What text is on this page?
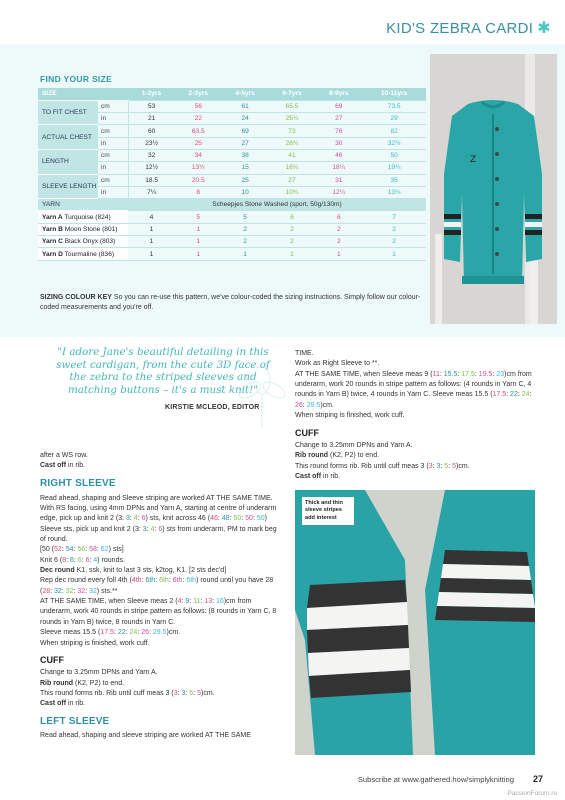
KID'S ZEBRA CARDI ✱
FIND YOUR SIZE
SIZE		1-2yrs	2-3yrs	4-5yrs	6-7yrs	8-9yrs	10-11yrs
TO FIT CHEST	cm	53	56	61	65.5	69	73.5
	in	21	22	24	25¾	27	29
ACTUAL CHEST	cm	60	63.5	69	73	76	82
	in	23½	25	27	28¾	30	32½
LENGTH	cm	32	34	38	41	46	50
	in	12½	13½	15	16¼	18¼	19¾
SLEEVE LENGTH	cm	18.5	20.5	25	27	31	35
	in	7¼	8	10	10¾	12¼	13¾
YARN		Scheepjes Stone Washed (sport, 50g/130m)					
Yarn A Turquoise (824)		4	5	5	6	6	7
Yarn B Moon Stone (801)		1	1	2	2	2	2
Yarn C Black Onyx (803)		1	1	2	2	2	2
Yarn D Tourmaline (836)		1	1	1	1	1	1
SIZING COLOUR KEY So you can re-use this pattern, we've colour-coded the sizing instructions. Simply follow our colour-coded measurements and you're off.
Z
"I adore Jane's beautiful detailing in this sweet cardigan, from the cute 3D face of the zebra to the striped sleeves and matching buttons – it's a must knit!"
KIRSTIE MCLEOD, EDITOR

after a WS row.

Cast off in rib.

RIGHT SLEEVE

Read ahead, shaping and Sleeve striping are worked AT THE SAME TIME.

With RS facing, using 4mm DPNs and Yarn A, starting at centre of underarm edge, pick up and knit 2 (3: 3: 4: 6) sts, knit across 46 (46: 48: 50: 50: 50) Sleeve sts, pick up and knit 2 (3: 3: 4: 6) sts from underarm, PM to mark beg of round.

[50 (52: 54: 56: 58: 62) sts]

Knit 6 (8: 6: 6: 6: 4) rounds.

Dec round K1, ssk, knit to last 3 sts, k2tog, K1. [2 sts dec'd]

Rep dec round every foll 4th (4th: 6th: 6th: 6th: 6th) round until you have 28 (28: 32: 32: 32: 32) sts.**

AT THE SAME TIME, when Sleeve meas 2 (4: 9: 11: 13: 16)cm from underarm, work 40 rounds in stripe pattern as follows: (8 rounds in Yarn C, 8 rounds in Yarn B) twice, 8 rounds in Yarn C.

Sleeve meas 15.5 (17.5: 22: 24: 26: 29.5)cm.

When striping is finished, work cuff.

CUFF

Change to 3.25mm DPNs and Yarn A.

Rib round (K2, P2) to end.

This round forms rib. Rib until cuff meas 3 (3: 3: 5: 5)cm.

Cast off in rib.

LEFT SLEEVE

Read ahead, shaping and sleeve striping are worked AT THE SAME

TIME.

Work as Right Sleeve to **.

AT THE SAME TIME, when Sleeve meas 9 (11: 15.5: 17.5: 19.5: 23)cm from underarm, work 20 rounds in stripe pattern as follows: (4 rounds in Yarn C, 4 rounds in Yarn B) twice, 4 rounds in Yarn C. Sleeve meas 15.5 (17.5: 22: 24: 26: 29.5)cm.

When striping is finished, work cuff.

CUFF

Change to 3.25mm DPNs and Yarn A.

Rib round (K2, P2) to end.

This round forms rib. Rib until cuff meas 3 (3: 3: 5: 5)cm.

Cast off in rib.

Thick and thin sleeve stripes add interest
Subscribe at www.gathered.how/simplyknitting 27
PassionForum.ru
